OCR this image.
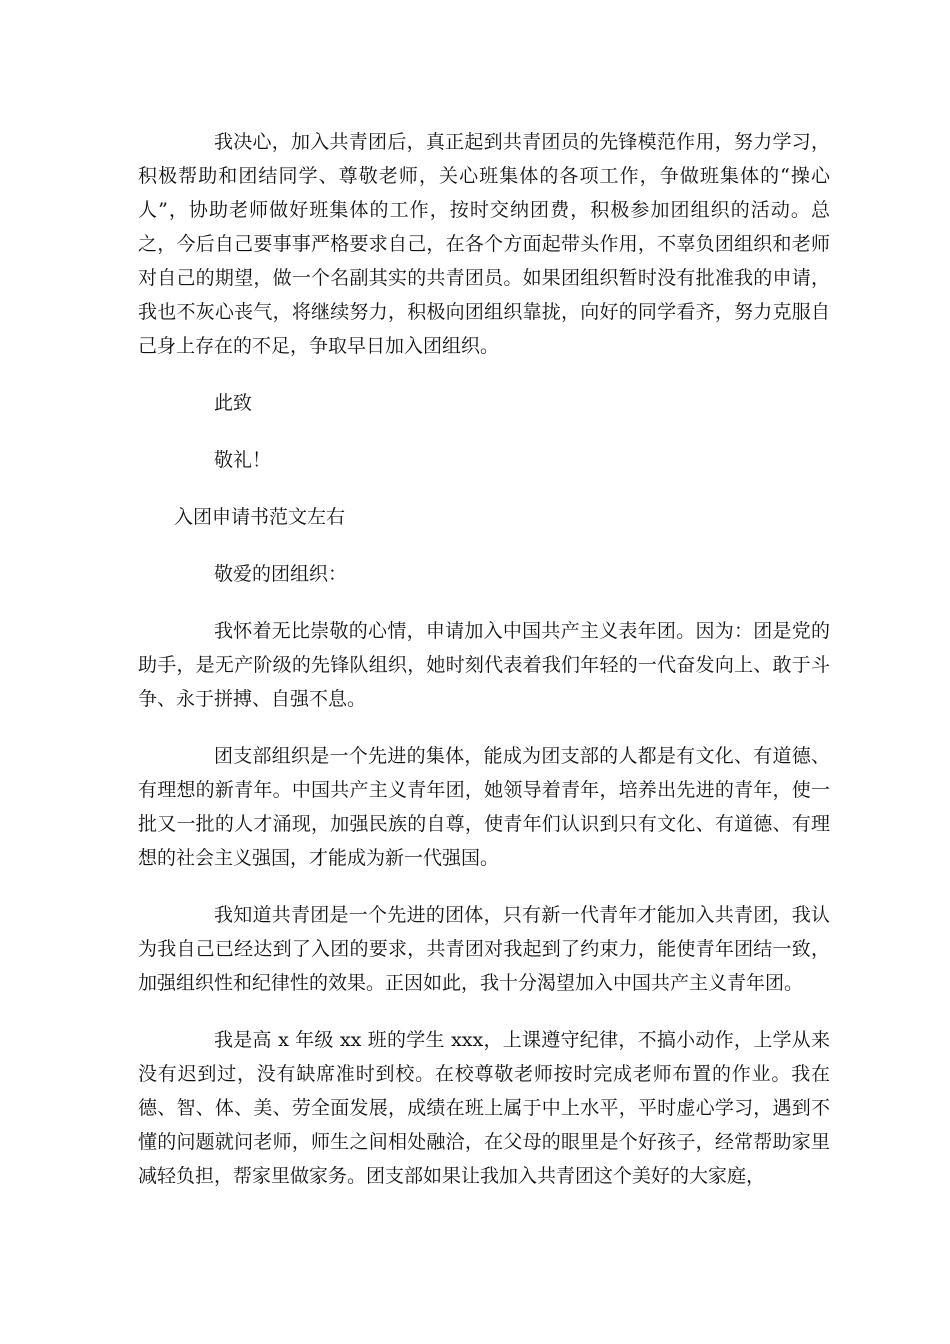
我决心，加入共青团后，真正起到共青团员的先锋模范作用，努力学习，积极帮助和团结同学、尊敬老师，关心班集体的各项工作，争做班集体的“操心人”，协助老师做好班集体的工作，按时交纳团费，积极参加团组织的活动。总之，今后自己要事事严格要求自己，在各个方面起带头作用，不辜负团组织和老师对自己的期望，做一个名副其实的共青团员。如果团组织暂时没有批准我的申请，我也不灰心丧气，将继续努力，积极向团组织靠拢，向好的同学看齐，努力克服自己身上存在的不足，争取早日加入团组织。

此致

敬礼！

入团申请书范文左右

敬爱的团组织：

我怀着无比崇敬的心情，申请加入中国共产主义表年团。因为：团是党的助手，是无产阶级的先锋队组织，她时刻代表着我们年轻的一代奋发向上、敢于斗争、永于拼搏、自强不息。

团支部组织是一个先进的集体，能成为团支部的人都是有文化、有道德、有理想的新青年。中国共产主义青年团，她领导着青年，培养出先进的青年，使一批又一批的人才涌现，加强民族的自尊，使青年们认识到只有文化、有道德、有理想的社会主义强国，才能成为新一代强国。

我知道共青团是一个先进的团体，只有新一代青年才能加入共青团，我认为我自己已经达到了入团的要求，共青团对我起到了约束力，能使青年团结一致，加强组织性和纪律性的效果。正因如此，我十分渴望加入中国共产主义青年团。

我是高 x 年级 xx 班的学生 xxx，上课遵守纪律，不搞小动作，上学从来没有迟到过，没有缺席准时到校。在校尊敬老师按时完成老师布置的作业。我在德、智、体、美、劳全面发展，成绩在班上属于中上水平，平时虚心学习，遇到不懂的问题就问老师，师生之间相处融洽，在父母的眼里是个好孩子，经常帮助家里减轻负担，帮家里做家务。团支部如果让我加入共青团这个美好的大家庭，
